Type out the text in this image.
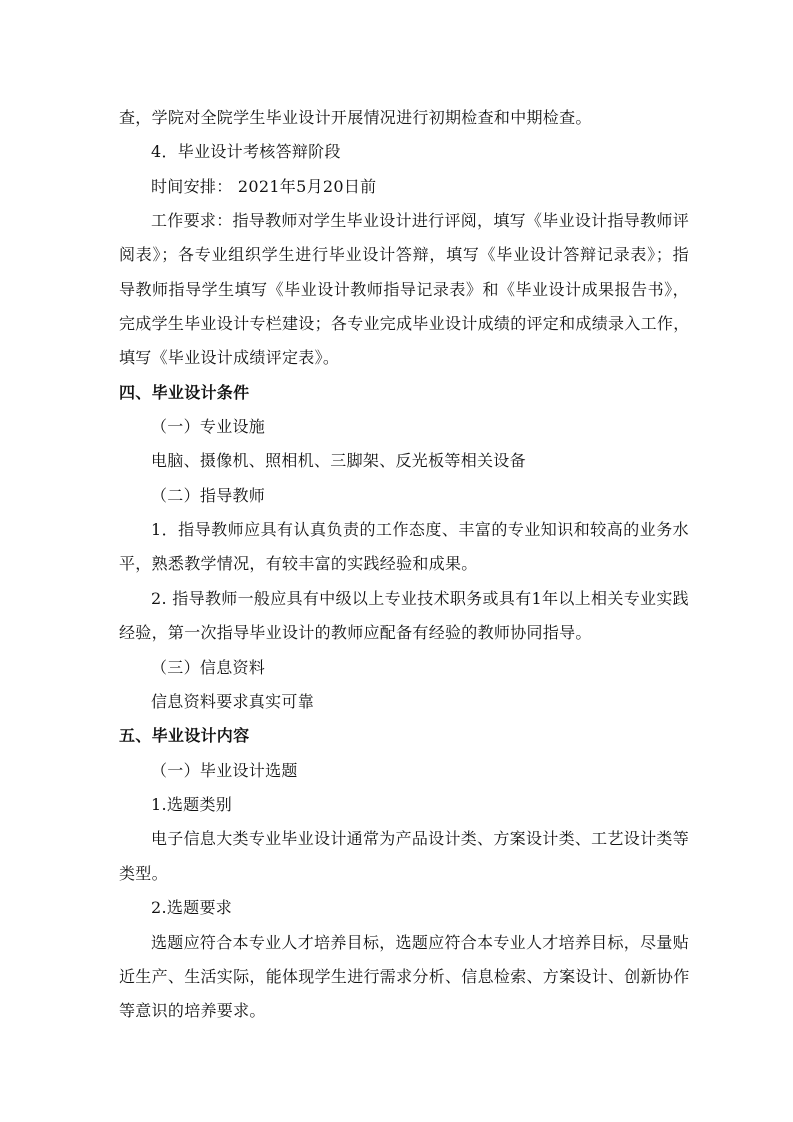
查，学院对全院学生毕业设计开展情况进行初期检查和中期检查。
4．毕业设计考核答辩阶段
时间安排： 2021年5月20日前
工作要求：指导教师对学生毕业设计进行评阅，填写《毕业设计指导教师评
阅表》；各专业组织学生进行毕业设计答辩，填写《毕业设计答辩记录表》；指
导教师指导学生填写《毕业设计教师指导记录表》和《毕业设计成果报告书》，
完成学生毕业设计专栏建设；各专业完成毕业设计成绩的评定和成绩录入工作，
填写《毕业设计成绩评定表》。
四、毕业设计条件
（一）专业设施
电脑、摄像机、照相机、三脚架、反光板等相关设备
（二）指导教师
1．指导教师应具有认真负责的工作态度、丰富的专业知识和较高的业务水
平，熟悉教学情况，有较丰富的实践经验和成果。
2. 指导教师一般应具有中级以上专业技术职务或具有1年以上相关专业实践
经验，第一次指导毕业设计的教师应配备有经验的教师协同指导。
（三）信息资料
信息资料要求真实可靠
五、毕业设计内容
（一）毕业设计选题
1.选题类别
电子信息大类专业毕业设计通常为产品设计类、方案设计类、工艺设计类等
类型。
2.选题要求
选题应符合本专业人才培养目标，选题应符合本专业人才培养目标，尽量贴
近生产、生活实际，能体现学生进行需求分析、信息检索、方案设计、创新协作
等意识的培养要求。
